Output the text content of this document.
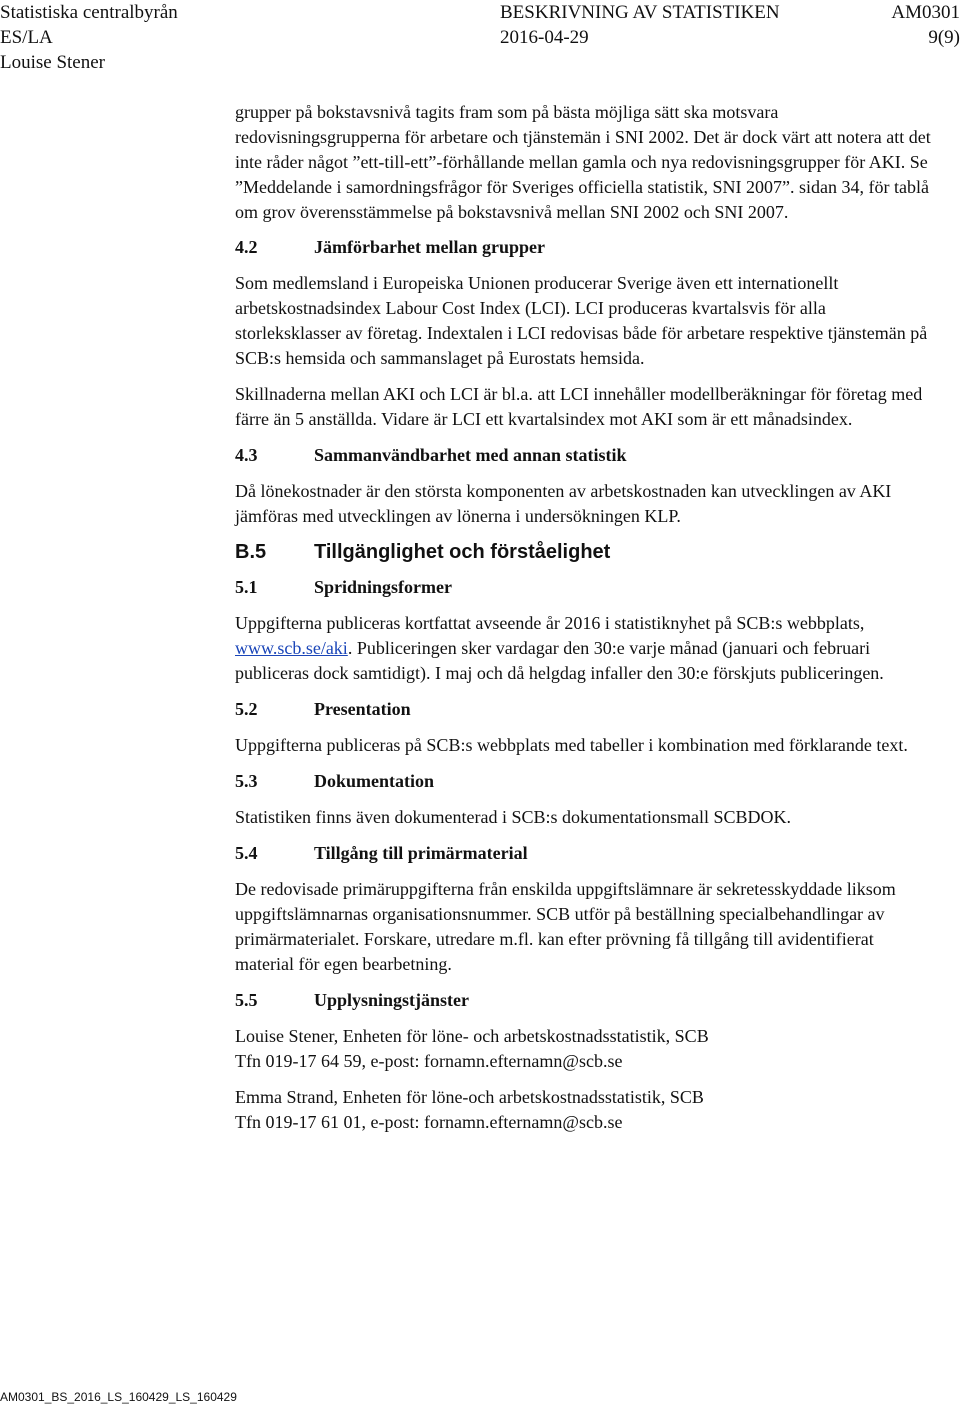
Statistiska centralbyrån
ES/LA
Louise Stener
BESKRIVNING AV STATISTIKEN
2016-04-29
AM0301
9(9)

grupper på bokstavsnivå tagits fram som på bästa möjliga sätt ska motsvara redovisningsgrupperna för arbetare och tjänstemän i SNI 2002. Det är dock värt att notera att det inte råder något ”ett-till-ett”-förhållande mellan gamla och nya redovisningsgrupper för AKI. Se ”Meddelande i samordningsfrågor för Sveriges officiella statistik, SNI 2007”. sidan 34, för tablå om grov överensstämmelse på bokstavsnivå mellan SNI 2002 och SNI 2007.

4.2	Jämförbarhet mellan grupper

Som medlemsland i Europeiska Unionen producerar Sverige även ett internationellt arbetskostnadsindex Labour Cost Index (LCI). LCI produceras kvartalsvis för alla storleksklasser av företag. Indextalen i LCI redovisas både för arbetare respektive tjänstemän på SCB:s hemsida och sammanslaget på Eurostats hemsida.

Skillnaderna mellan AKI och LCI är bl.a. att LCI innehåller modellberäkningar för företag med färre än 5 anställda. Vidare är LCI ett kvartalsindex mot AKI som är ett månadsindex.

4.3	Sammanvändbarhet med annan statistik

Då lönekostnader är den största komponenten av arbetskostnaden kan utvecklingen av AKI jämföras med utvecklingen av lönerna i undersökningen KLP.

B.5	Tillgänglighet och förståelighet
5.1	Spridningsformer

Uppgifterna publiceras kortfattat avseende år 2016 i statistiknyhet på SCB:s webbplats, www.scb.se/aki. Publiceringen sker vardagar den 30:e varje månad (januari och februari publiceras dock samtidigt). I maj och då helgdag infaller den 30:e förskjuts publiceringen.

5.2	Presentation

Uppgifterna publiceras på SCB:s webbplats med tabeller i kombination med förklarande text.

5.3	Dokumentation

Statistiken finns även dokumenterad i SCB:s dokumentationsmall SCBDOK.

5.4	Tillgång till primärmaterial

De redovisade primäruppgifterna från enskilda uppgiftslämnare är sekretesskyddade liksom uppgiftslämnarnas organisationsnummer. SCB utför på beställning specialbehandlingar av primärmaterialet. Forskare, utredare m.fl. kan efter prövning få tillgång till avidentifierat material för egen bearbetning.

5.5	Upplysningstjänster

Louise Stener, Enheten för löne- och arbetskostnadsstatistik, SCB
Tfn 019-17 64 59, e-post: fornamn.efternamn@scb.se

Emma Strand, Enheten för löne-och arbetskostnadsstatistik, SCB
Tfn 019-17 61 01, e-post: fornamn.efternamn@scb.se

AM0301_BS_2016_LS_160429_LS_160429
